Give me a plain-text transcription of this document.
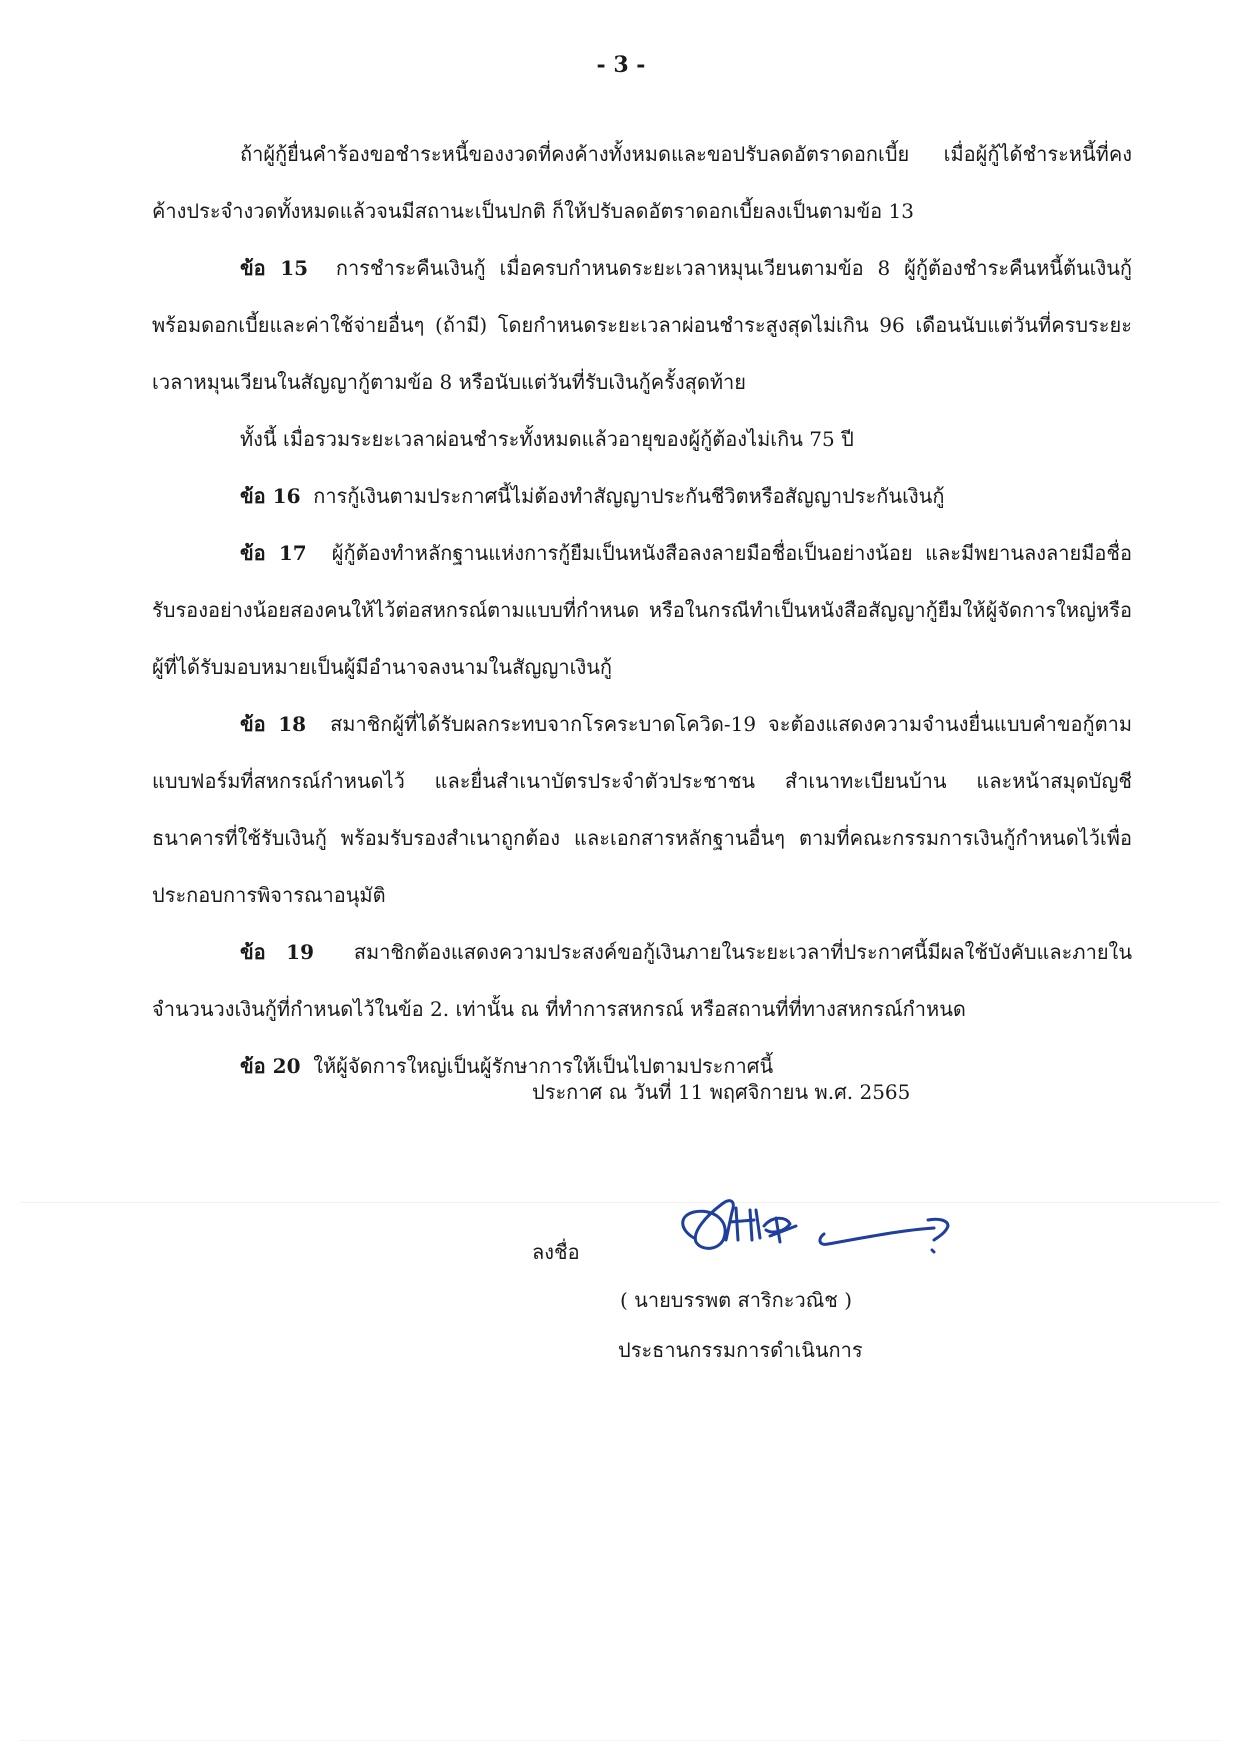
- 3 -

ถ้าผู้กู้ยื่นคำร้องขอชำระหนี้ของงวดที่คงค้างทั้งหมดและขอปรับลดอัตราดอกเบี้ย เมื่อผู้กู้ได้ชำระหนี้ที่คงค้างประจำงวดทั้งหมดแล้วจนมีสถานะเป็นปกติ ก็ให้ปรับลดอัตราดอกเบี้ยลงเป็นตามข้อ 13

ข้อ 15 การชำระคืนเงินกู้ เมื่อครบกำหนดระยะเวลาหมุนเวียนตามข้อ 8 ผู้กู้ต้องชำระคืนหนี้ต้นเงินกู้พร้อมดอกเบี้ยและค่าใช้จ่ายอื่นๆ (ถ้ามี) โดยกำหนดระยะเวลาผ่อนชำระสูงสุดไม่เกิน 96 เดือนนับแต่วันที่ครบระยะเวลาหมุนเวียนในสัญญากู้ตามข้อ 8 หรือนับแต่วันที่รับเงินกู้ครั้งสุดท้าย

ทั้งนี้ เมื่อรวมระยะเวลาผ่อนชำระทั้งหมดแล้วอายุของผู้กู้ต้องไม่เกิน 75 ปี

ข้อ 16 การกู้เงินตามประกาศนี้ไม่ต้องทำสัญญาประกันชีวิตหรือสัญญาประกันเงินกู้

ข้อ 17 ผู้กู้ต้องทำหลักฐานแห่งการกู้ยืมเป็นหนังสือลงลายมือชื่อเป็นอย่างน้อย และมีพยานลงลายมือชื่อรับรองอย่างน้อยสองคนให้ไว้ต่อสหกรณ์ตามแบบที่กำหนด หรือในกรณีทำเป็นหนังสือสัญญากู้ยืมให้ผู้จัดการใหญ่หรือผู้ที่ได้รับมอบหมายเป็นผู้มีอำนาจลงนามในสัญญาเงินกู้

ข้อ 18 สมาชิกผู้ที่ได้รับผลกระทบจากโรคระบาดโควิด-19 จะต้องแสดงความจำนงยื่นแบบคำขอกู้ตามแบบฟอร์มที่สหกรณ์กำหนดไว้ และยื่นสำเนาบัตรประจำตัวประชาชน สำเนาทะเบียนบ้าน และหน้าสมุดบัญชีธนาคารที่ใช้รับเงินกู้ พร้อมรับรองสำเนาถูกต้อง และเอกสารหลักฐานอื่นๆ ตามที่คณะกรรมการเงินกู้กำหนดไว้เพื่อประกอบการพิจารณาอนุมัติ

ข้อ 19 สมาชิกต้องแสดงความประสงค์ขอกู้เงินภายในระยะเวลาที่ประกาศนี้มีผลใช้บังคับและภายในจำนวนวงเงินกู้ที่กำหนดไว้ในข้อ 2. เท่านั้น ณ ที่ทำการสหกรณ์ หรือสถานที่ที่ทางสหกรณ์กำหนด

ข้อ 20 ให้ผู้จัดการใหญ่เป็นผู้รักษาการให้เป็นไปตามประกาศนี้

ประกาศ ณ วันที่ 11 พฤศจิกายน พ.ศ. 2565
ลงชื่อ
( นายบรรพต สาริกะวณิช )
ประธานกรรมการดำเนินการ
